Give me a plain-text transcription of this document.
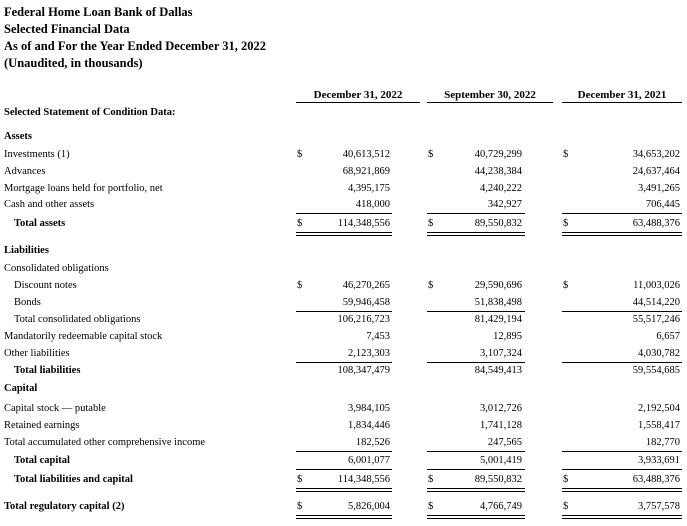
Federal Home Loan Bank of Dallas
Selected Financial Data
As of and For the Year Ended December 31, 2022
(Unaudited, in thousands)
December 31, 2022	September 30, 2022	December 31, 2021
Selected Statement of Condition Data:
Assets
Investments (1)	$	40,613,512	$	40,729,299	$	34,653,202
Advances	68,921,869	44,238,384	24,637,464
Mortgage loans held for portfolio, net	4,395,175	4,240,222	3,491,265
Cash and other assets	418,000	342,927	706,445
Total assets	$	114,348,556	$	89,550,832	$	63,488,376
Liabilities
Consolidated obligations
Discount notes	$	46,270,265	$	29,590,696	$	11,003,026
Bonds	59,946,458	51,838,498	44,514,220
Total consolidated obligations	106,216,723	81,429,194	55,517,246
Mandatorily redeemable capital stock	7,453	12,895	6,657
Other liabilities	2,123,303	3,107,324	4,030,782
Total liabilities	108,347,479	84,549,413	59,554,685
Capital
Capital stock — putable	3,984,105	3,012,726	2,192,504
Retained earnings	1,834,446	1,741,128	1,558,417
Total accumulated other comprehensive income	182,526	247,565	182,770
Total capital	6,001,077	5,001,419	3,933,691
Total liabilities and capital	$	114,348,556	$	89,550,832	$	63,488,376
Total regulatory capital (2)	$	5,826,004	$	4,766,749	$	3,757,578
